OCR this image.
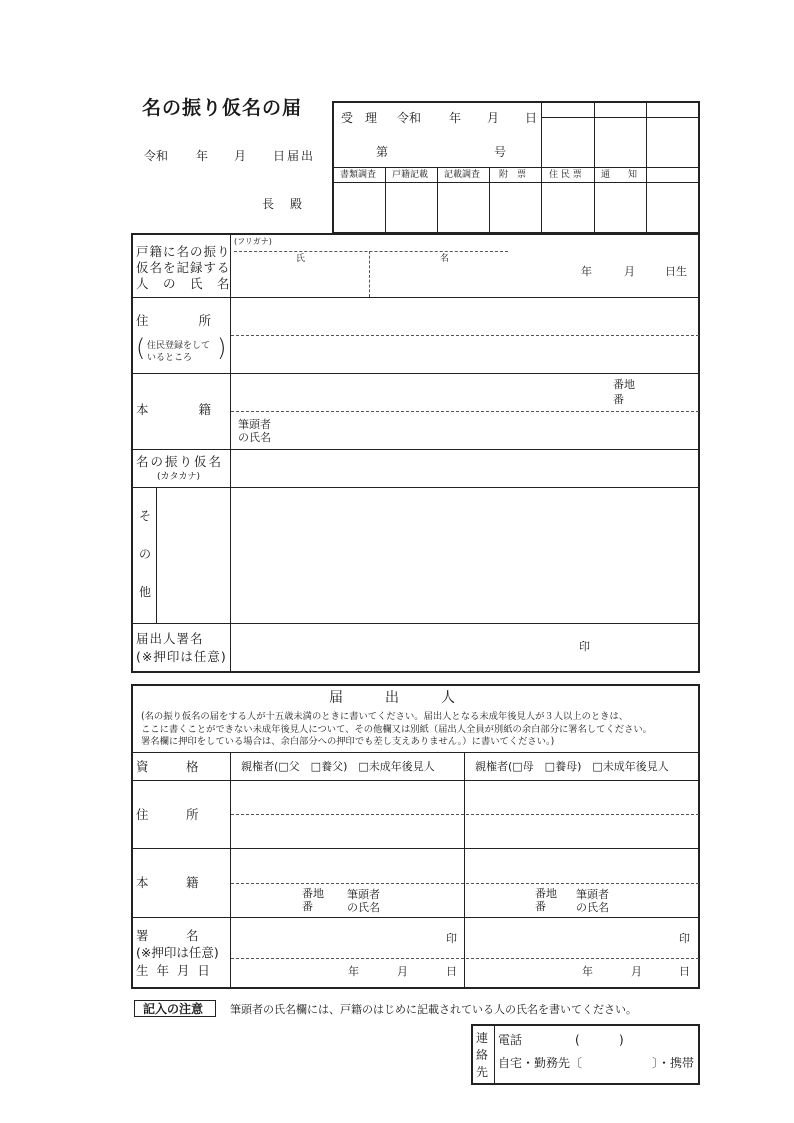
名の振り仮名の届
令和 年 月 日届出
長　殿
受　理 令和 年 月 日
第	号
書類調査 戸籍記載 記載調査 附　票	住 民 票 通　　知
戸籍に名の振り
仮名を記録する
人　の　氏　名
(フリガナ)
氏	名
年	月	日生
住　　　　所
( 住民登録をして
いるところ	)
本　　　　籍
番地
番
筆頭者
の氏名
名の振り仮名
(カタカナ)
そ
の
他
届出人署名
(※押印は任意)
印
届　　　出　　　人
(名の振り仮名の届をする人が十五歳未満のときに書いてください。届出人となる未成年後見人が３人以上のときは、
ここに書くことができない未成年後見人について、その他欄又は別紙（届出人全員が別紙の余白部分に署名してください。
署名欄に押印をしている場合は、余白部分への押印でも差し支えありません。）に書いてください。)
資　　　格	親権者(□父　□養父)　□未成年後見人	親権者(□母　□養母)　□未成年後見人
住　　　所
本　　　籍
番地
番
筆頭者
の氏名
番地
番
筆頭者
の氏名
署　　　名
(※押印は任意)
印	印
生 年 月 日	年	月	日	年	月	日
記入の注意 筆頭者の氏名欄には、戸籍のはじめに記載されている人の氏名を書いてください。
連
絡
先
電話	(	)
自宅・勤務先〔	〕・携帯
